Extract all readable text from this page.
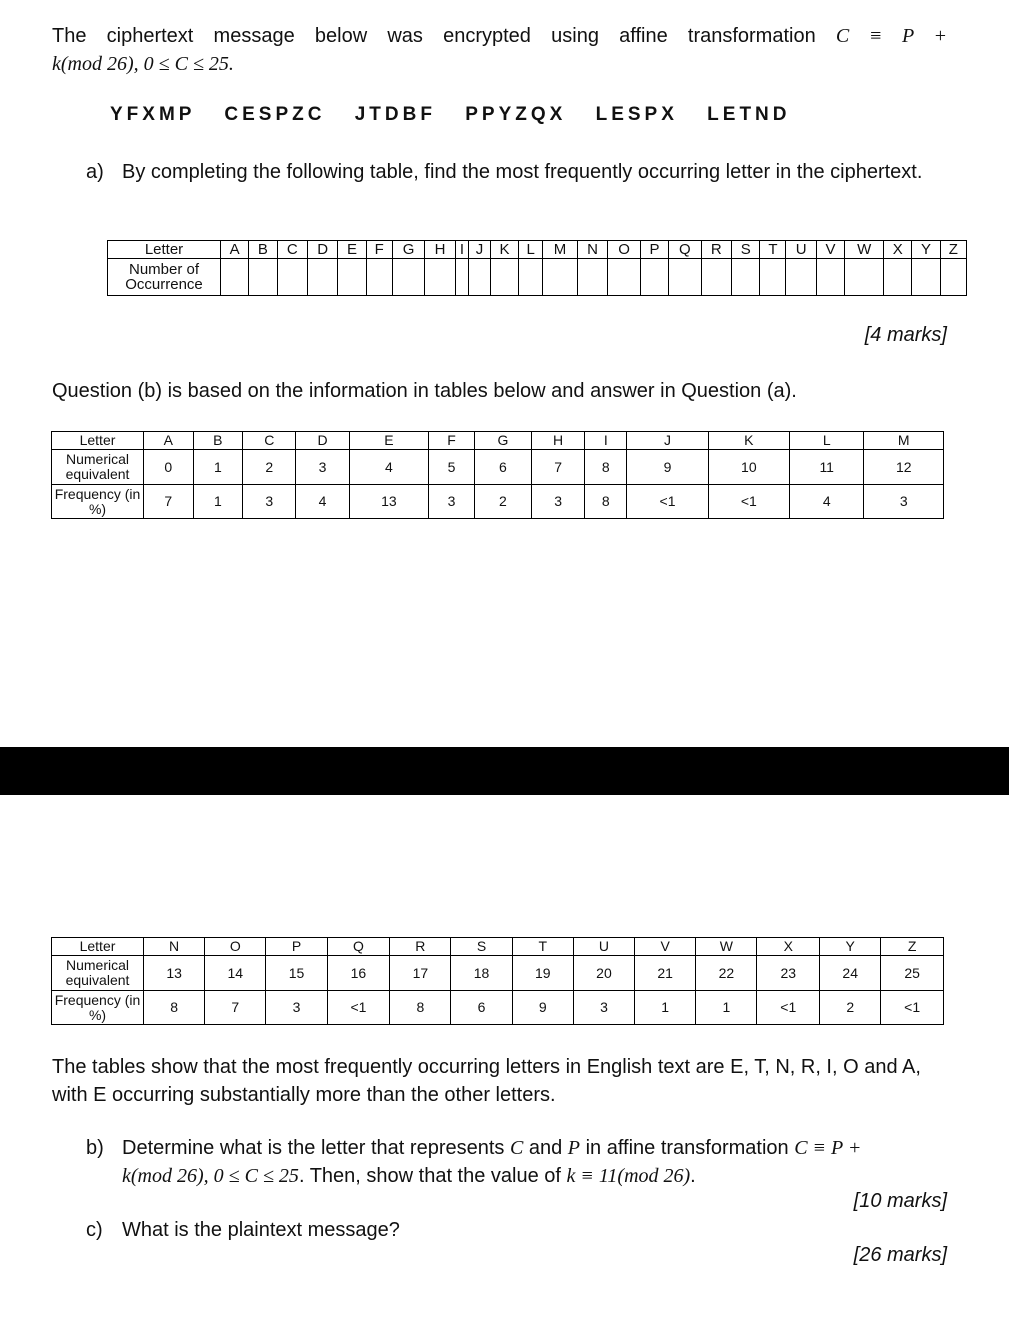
The ciphertext message below was encrypted using affine transformation C ≡ P +
k(mod 26), 0 ≤ C ≤ 25.
YFXMP CESPZC JTDBF PPYZQX LESPX LETND
a) By completing the following table, find the most frequently occurring letter in the ciphertext.
Letter	A	B	C	D	E	F	G	H	I	J	K	L	M	N	O	P	Q	R	S	T	U	V	W	X	Y	Z
Number of Occurrence																										
[4 marks]
Question (b) is based on the information in tables below and answer in Question (a).
Letter	A	B	C	D	E	F	G	H	I	J	K	L	M
Numerical equivalent	0	1	2	3	4	5	6	7	8	9	10	11	12
Frequency (in %)	7	1	3	4	13	3	2	3	8	<1	<1	4	3
Letter	N	O	P	Q	R	S	T	U	V	W	X	Y	Z
Numerical equivalent	13	14	15	16	17	18	19	20	21	22	23	24	25
Frequency (in %)	8	7	3	<1	8	6	9	3	1	1	<1	2	<1
The tables show that the most frequently occurring letters in English text are E, T, N, R, I, O and A, with E occurring substantially more than the other letters.
b) Determine what is the letter that represents C and P in affine transformation C ≡ P +
k(mod 26), 0 ≤ C ≤ 25. Then, show that the value of k ≡ 11(mod 26).
[10 marks]
c) What is the plaintext message?
[26 marks]
